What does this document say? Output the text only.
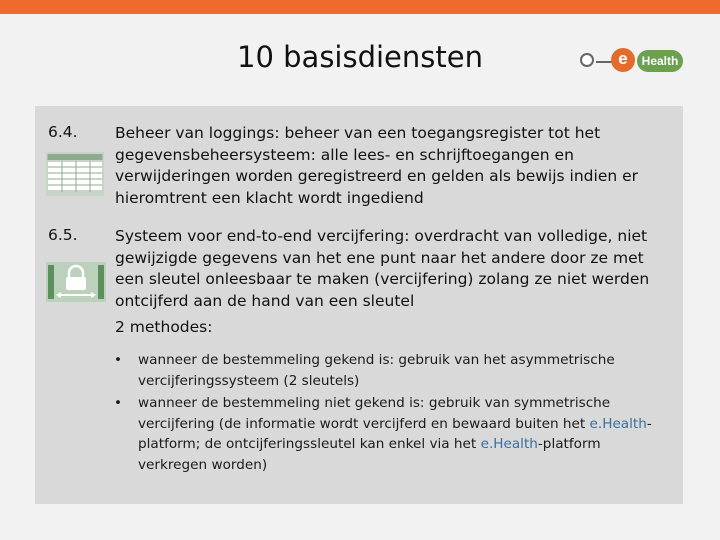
10 basisdiensten	e	Health
6.4. Beheer van loggings: beheer van een toegangsregister tot het gegevensbeheersysteem: alle lees- en schrijftoegangen en verwijderingen worden geregistreerd en gelden als bewijs indien er hieromtrent een klacht wordt ingediend
6.5. Systeem voor end-to-end vercijfering: overdracht van volledige, niet gewijzigde gegevens van het ene punt naar het andere door ze met een sleutel onleesbaar te maken (vercijfering) zolang ze niet werden ontcijferd aan de hand van een sleutel
2 methodes:
• wanneer de bestemmeling gekend is: gebruik van het asymmetrische vercijferingssysteem (2 sleutels)
• wanneer de bestemmeling niet gekend is: gebruik van symmetrische vercijfering (de informatie wordt vercijferd en bewaard buiten het e.Health-platform; de ontcijferingssleutel kan enkel via het e.Health-platform verkregen worden)
